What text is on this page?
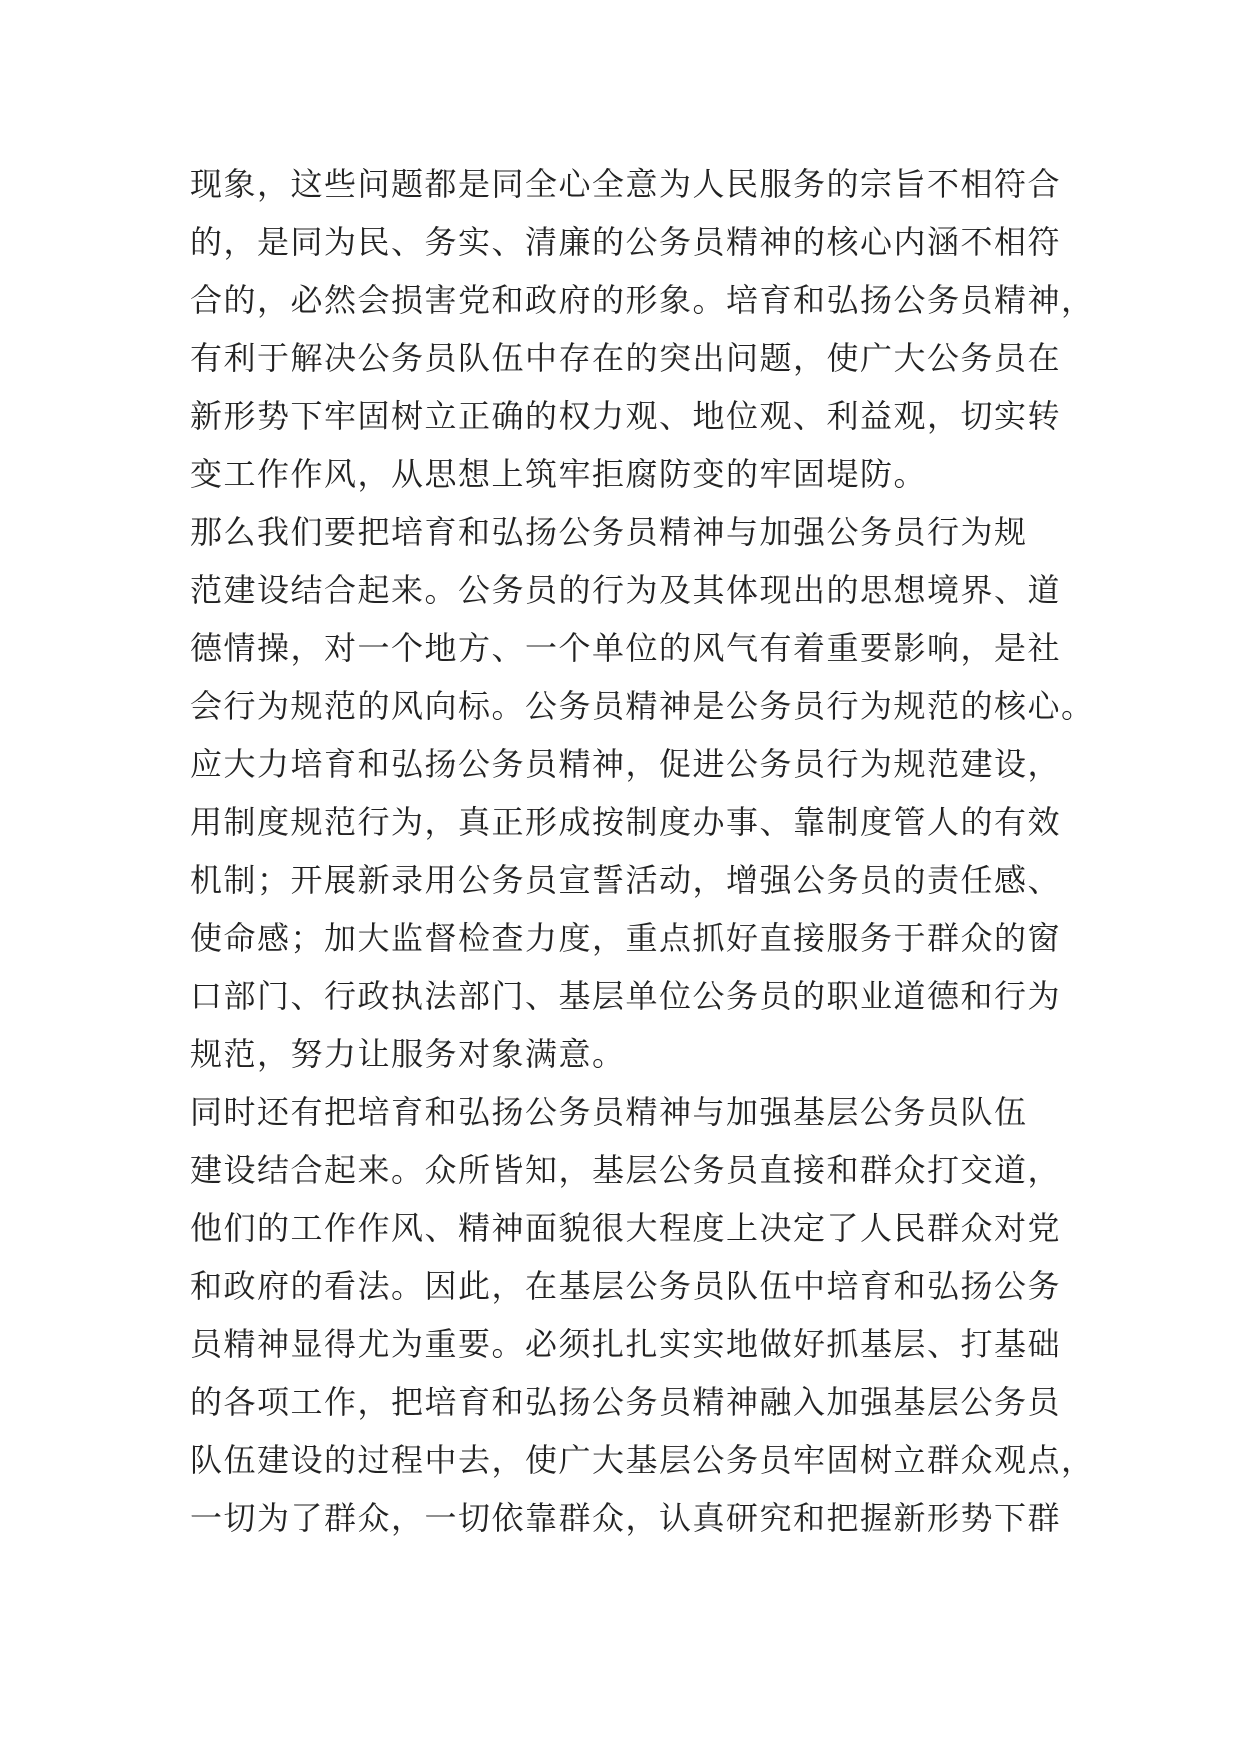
现象，这些问题都是同全心全意为人民服务的宗旨不相符合
的，是同为民、务实、清廉的公务员精神的核心内涵不相符
合的，必然会损害党和政府的形象。培育和弘扬公务员精神，
有利于解决公务员队伍中存在的突出问题，使广大公务员在
新形势下牢固树立正确的权力观、地位观、利益观，切实转
变工作作风，从思想上筑牢拒腐防变的牢固堤防。
那么我们要把培育和弘扬公务员精神与加强公务员行为规
范建设结合起来。公务员的行为及其体现出的思想境界、道
德情操，对一个地方、一个单位的风气有着重要影响，是社
会行为规范的风向标。公务员精神是公务员行为规范的核心。
应大力培育和弘扬公务员精神，促进公务员行为规范建设，
用制度规范行为，真正形成按制度办事、靠制度管人的有效
机制；开展新录用公务员宣誓活动，增强公务员的责任感、
使命感；加大监督检查力度，重点抓好直接服务于群众的窗
口部门、行政执法部门、基层单位公务员的职业道德和行为
规范，努力让服务对象满意。
同时还有把培育和弘扬公务员精神与加强基层公务员队伍
建设结合起来。众所皆知，基层公务员直接和群众打交道，
他们的工作作风、精神面貌很大程度上决定了人民群众对党
和政府的看法。因此，在基层公务员队伍中培育和弘扬公务
员精神显得尤为重要。必须扎扎实实地做好抓基层、打基础
的各项工作，把培育和弘扬公务员精神融入加强基层公务员
队伍建设的过程中去，使广大基层公务员牢固树立群众观点，
一切为了群众，一切依靠群众，认真研究和把握新形势下群
